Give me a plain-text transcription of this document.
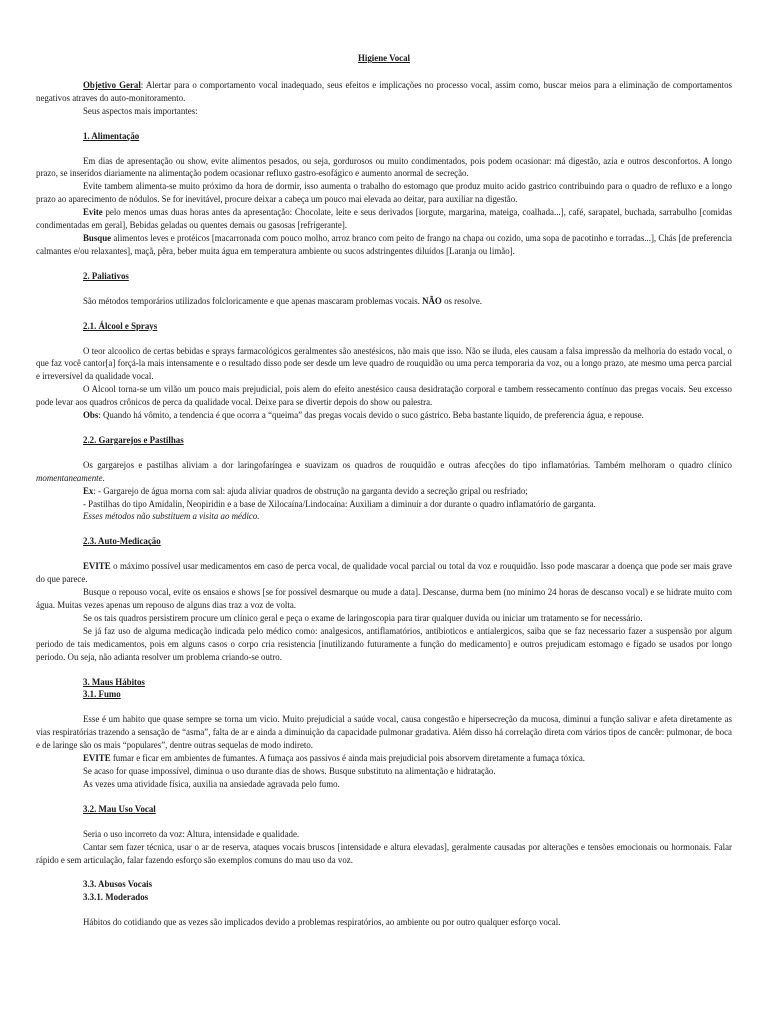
Higiene Vocal

Objetivo Geral: Alertar para o comportamento vocal inadequado, seus efeitos e implicações no processo vocal, assim como, buscar meios para a eliminação de comportamentos negativos atraves do auto-monitoramento.

Seus aspectos mais importantes:

1. Alimentação

Em dias de apresentação ou show, evite alimentos pesados, ou seja, gordurosos ou muito condimentados, pois podem ocasionar: má digestão, azia e outros desconfortos. A longo prazo, se inseridos diariamente na alimentação podem ocasionar refluxo gastro-esofágico e aumento anormal de secreção.

Evite tambem alimenta-se muito próximo da hora de dormir, isso aumenta o trabalho do estomago que produz muito acido gastrico contribuindo para o quadro de refluxo e a longo prazo ao aparecimento de nódulos. Se for inevitável, procure deixar a cabeça um pouco mai elevada ao deitar, para auxiliar na digestão.

Evite pelo menos umas duas horas antes da apresentação: Chocolate, leite e seus derivados [iorgute, margarina, mateiga, coalhada...], café, sarapatel, buchada, sarrabulho [comidas condimentadas em geral], Bebidas geladas ou quentes demais ou gasosas [refrigerante].

Busque alimentos leves e protéicos [macarronada com pouco molho, arroz branco com peito de frango na chapa ou cozido, uma sopa de pacotinho e torradas...], Chás [de preferencia calmantes e/ou relaxantes], maçã, pêra, beber muita água em temperatura ambiente ou sucos adstringentes diluídos [Laranja ou limão].

2. Paliativos

São métodos temporários utilizados folcloricamente e que apenas mascaram problemas vocais. NÃO os resolve.

2.1. Álcool e Sprays

O teor alcoolico de certas bebidas e sprays farmacológicos geralmentes são anestésicos, não mais que isso. Não se iluda, eles causam a falsa impressão da melhoria do estado vocal, o que faz você cantor[a] forçá-la mais intensamente e o resultado disso pode ser desde um leve quadro de rouquidão ou uma perca temporaria da voz, ou a longo prazo, ate mesmo uma perca parcial e irreversível da qualidade vocal.

O Alcool torna-se um vilão um pouco mais prejudicial, pois alem do efeito anestésico causa desidratação corporal e tambem ressecamento contínuo das pregas vocais. Seu excesso pode levar aos quadros crônicos de perca da qualidade vocal. Deixe para se divertir depois do show ou palestra.

Obs: Quando há vômito, a tendencia é que ocorra a “queima” das pregas vocais devido o suco gástrico. Beba bastante liquido, de preferencia água, e repouse.

2.2. Gargarejos e Pastilhas

Os gargarejos e pastilhas aliviam a dor laringofaríngea e suavizam os quadros de rouquidão e outras afecções do tipo inflamatórias. Também melhoram o quadro clínico momentaneamente.

Ex: - Gargarejo de água morna com sal: ajuda aliviar quadros de obstrução na garganta devido a secreção gripal ou resfriado;

- Pastilhas do tipo Amidalin, Neopiridin e a base de Xilocaína/Lindocaína: Auxiliam a diminuir a dor durante o quadro inflamatório de garganta.

Esses métodos não substituem a visita ao médico.

2.3. Auto-Medicação

EVITE o máximo possível usar medicamentos em caso de perca vocal, de qualidade vocal parcial ou total da voz e rouquidão. Isso pode mascarar a doença que pode ser mais grave do que parece.

Busque o repouso vocal, evite os ensaios e shows [se for possível desmarque ou mude a data]. Descanse, durma bem (no mínimo 24 horas de descanso vocal) e se hidrate muito com água. Muitas vezes apenas um repouso de alguns dias traz a voz de volta.

Se os tais quadros persistirem procure um clínico geral e peça o exame de laringoscopia para tirar qualquer duvida ou iniciar um tratamento se for necessário.

Se já faz uso de alguma medicação indicada pelo médico como: analgesicos, antiflamatórios, antibioticos e antialergicos, saiba que se faz necessario fazer a suspensão por algum periodo de tais medicamentos, pois em alguns casos o corpo cria resistencia [inutilizando futuramente a função do medicamento] e outros prejudicam estomago e fígado se usados por longo periodo. Ou seja, não adianta resolver um problema criando-se outro.

3. Maus Hábitos

3.1. Fumo

Esse é um habito que quase sempre se torna um vicio. Muito prejudicial a saúde vocal, causa congestão e hipersecreção da mucosa, diminui a função salivar e afeta diretamente as vias respiratórias trazendo a sensação de “asma”, falta de ar e ainda a diminuição da capacidade pulmonar gradativa. Além disso há correlação direta com vários tipos de cancêr: pulmonar, de boca e de laringe são os mais “populares”, dentre outras sequelas de modo indireto.

EVITE fumar e ficar em ambientes de fumantes. A fumaça aos passivos é ainda mais prejudicial pois absorvem diretamente a fumaça tóxica.

Se acaso for quase impossível, diminua o uso durante dias de shows. Busque substituto na alimentação e hidratação.

As vezes uma atividade física, auxilia na ansiedade agravada pelo fumo.

3.2. Mau Uso Vocal

Seria o uso incorreto da voz: Altura, intensidade e qualidade.

Cantar sem fazer técnica, usar o ar de reserva, ataques vocais bruscos [intensidade e altura elevadas], geralmente causadas por alterações e tensões emocionais ou hormonais. Falar rápido e sem articulação, falar fazendo esforço são exemplos comuns do mau uso da voz.

3.3. Abusos Vocais

3.3.1. Moderados

Hábitos do cotidiando que as vezes são implicados devido a problemas respiratórios, ao ambiente ou por outro qualquer esforço vocal.
